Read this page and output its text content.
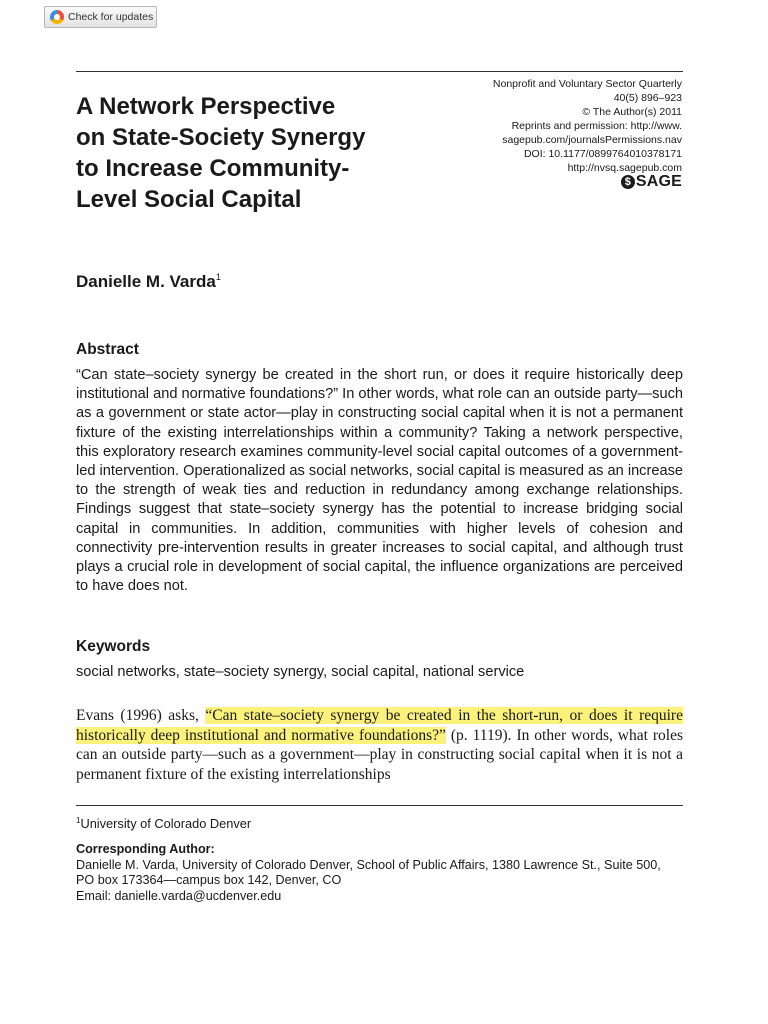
Check for updates
A Network Perspective
on State-Society Synergy
to Increase Community-
Level Social Capital
Nonprofit and Voluntary Sector Quarterly
40(5) 896–923
© The Author(s) 2011
Reprints and permission: http://www.
sagepub.com/journalsPermissions.nav
DOI: 10.1177/0899764010378171
http://nvsq.sagepub.com
$ SAGE
Danielle M. Varda$^1$
Abstract

“Can state–society synergy be created in the short run, or does it require historically deep institutional and normative foundations?” In other words, what role can an outside party—such as a government or state actor—play in constructing social capital when it is not a permanent fixture of the existing interrelationships within a community? Taking a network perspective, this exploratory research examines community-level social capital outcomes of a government-led intervention. Operationalized as social networks, social capital is measured as an increase to the strength of weak ties and reduction in redundancy among exchange relationships. Findings suggest that state–society synergy has the potential to increase bridging social capital in communities. In addition, communities with higher levels of cohesion and connectivity pre-intervention results in greater increases to social capital, and although trust plays a crucial role in development of social capital, the influence organizations are perceived to have does not.

Keywords
social networks, state–society synergy, social capital, national service

Evans (1996) asks, “Can state–society synergy be created in the short-run, or does it require historically deep institutional and normative foundations?” (p. 1119). In other words, what roles can an outside party—such as a government—play in constructing social capital when it is not a permanent fixture of the existing interrelationships

$^1$University of Colorado Denver
Corresponding Author:
Danielle M. Varda, University of Colorado Denver, School of Public Affairs, 1380 Lawrence St., Suite 500,
PO box 173364—campus box 142, Denver, CO
Email: danielle.varda@ucdenver.edu
